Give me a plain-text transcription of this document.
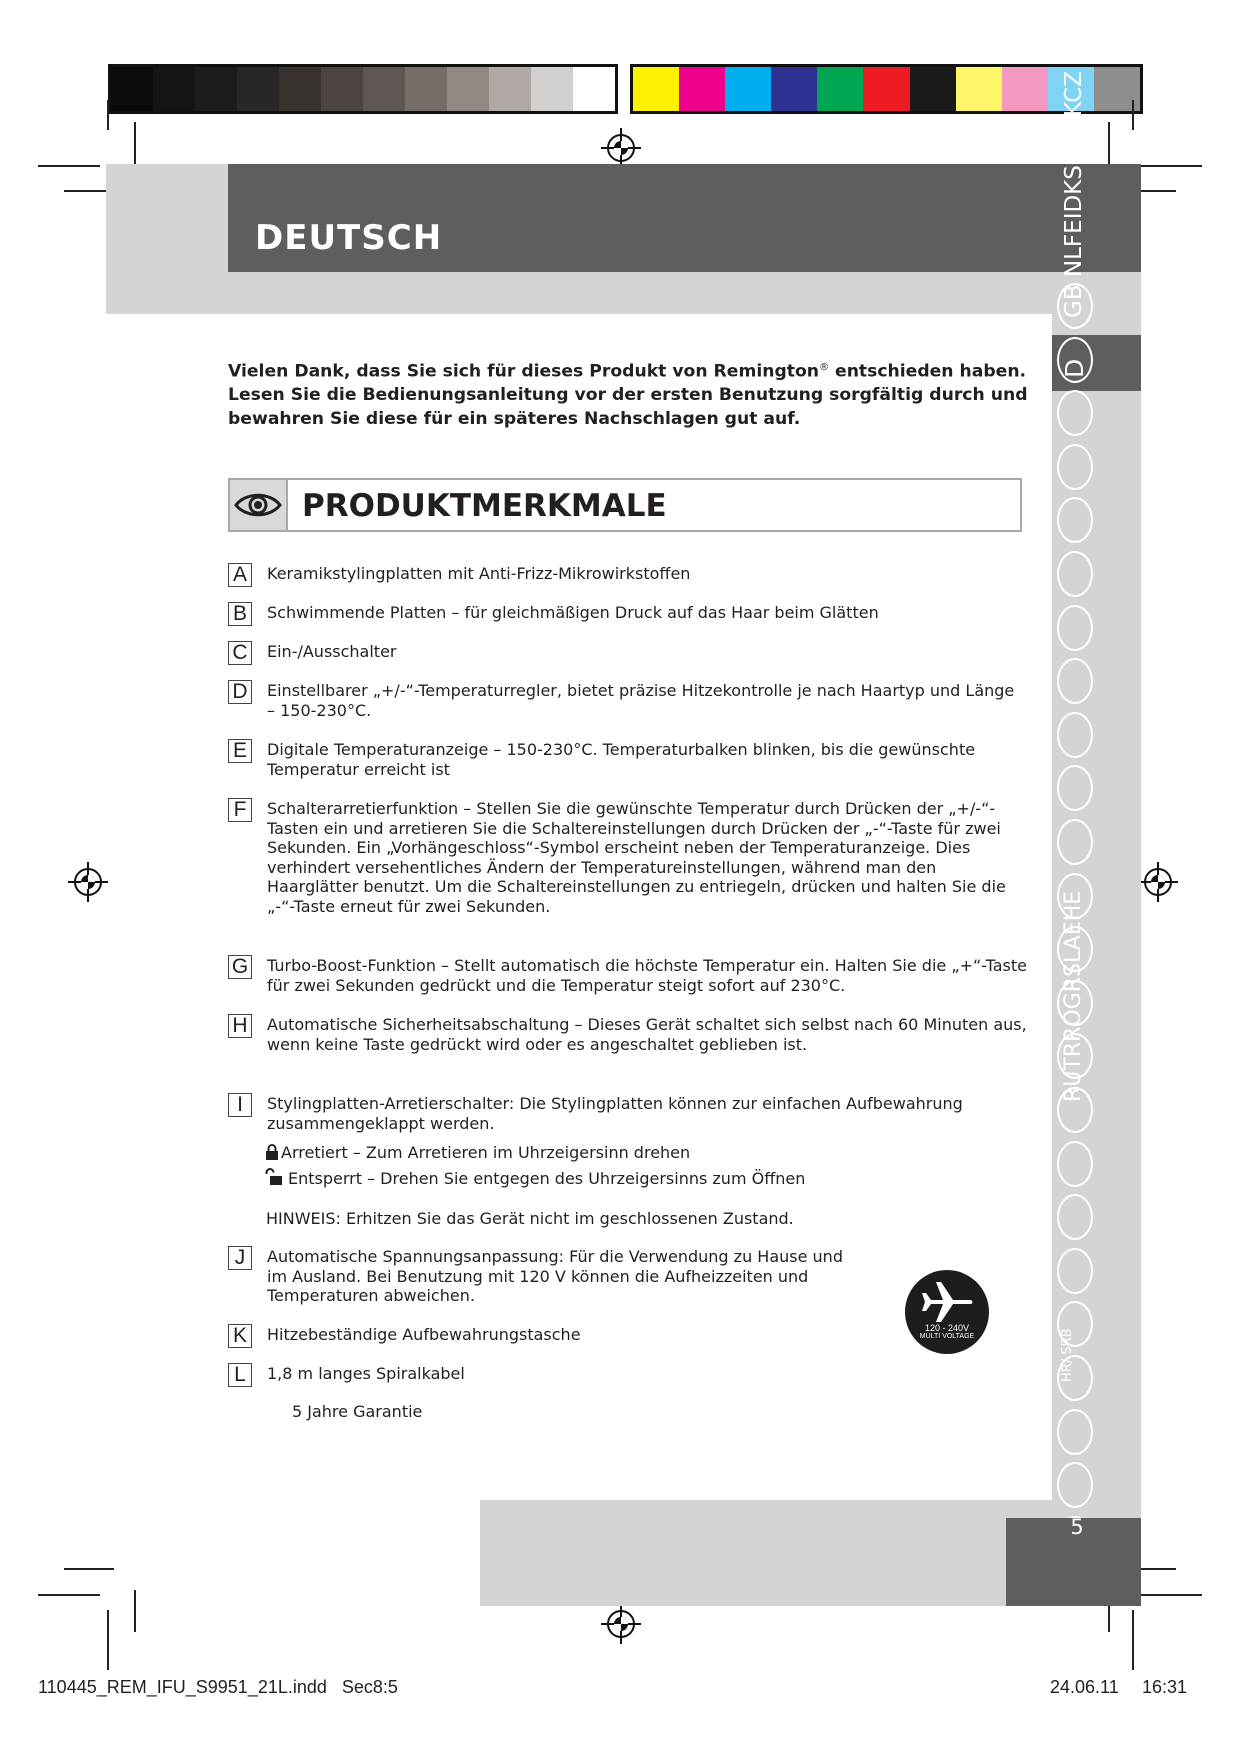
DEUTSCH
D
GB NLFEIDKSFIPSKCZ
RUTRROGRSLAEHE
HR/ SRB
Vielen Dank, dass Sie sich für dieses Produkt von Remington® entschieden haben. Lesen Sie die Bedienungsanleitung vor der ersten Benutzung sorgfältig durch und bewahren Sie diese für ein späteres Nachschlagen gut auf.
PRODUKTMERKMALE
A	Keramikstylingplatten mit Anti-Frizz-Mikrowirkstoffen
B	Schwimmende Platten – für gleichmäßigen Druck auf das Haar beim Glätten
C Ein-/Ausschalter
D Einstellbarer „+/-“-Temperaturregler, bietet präzise Hitzekontrolle je nach Haartyp und Länge – 150-230°C.
E	Digitale Temperaturanzeige – 150-230°C. Temperaturbalken blinken, bis die gewünschte Temperatur erreicht ist
F	Schalterarretierfunktion – Stellen Sie die gewünschte Temperatur durch Drücken der „+/-“-Tasten ein und arretieren Sie die Schaltereinstellungen durch Drücken der „-“-Taste für zwei Sekunden. Ein „Vorhängeschloss“-Symbol erscheint neben der Temperaturanzeige. Dies verhindert versehentliches Ändern der Temperatureinstellungen, während man den Haarglätter benutzt. Um die Schaltereinstellungen zu entriegeln, drücken und halten Sie die „-“-Taste erneut für zwei Sekunden.
G Turbo-Boost-Funktion – Stellt automatisch die höchste Temperatur ein. Halten Sie die „+“-Taste für zwei Sekunden gedrückt und die Temperatur steigt sofort auf 230°C.
H Automatische Sicherheitsabschaltung – Dieses Gerät schaltet sich selbst nach 60 Minuten aus, wenn keine Taste gedrückt wird oder es angeschaltet geblieben ist.
I	Stylingplatten-Arretierschalter: Die Stylingplatten können zur einfachen Aufbewahrung zusammengeklappt werden.
Arretiert – Zum Arretieren im Uhrzeigersinn drehen
Entsperrt – Drehen Sie entgegen des Uhrzeigersinns zum Öffnen
HINWEIS: Erhitzen Sie das Gerät nicht im geschlossenen Zustand.
J	Automatische Spannungsanpassung: Für die Verwendung zu Hause und im Ausland. Bei Benutzung mit 120 V können die Aufheizzeiten und Temperaturen abweichen.
K	Hitzebeständige Aufbewahrungstasche
L	1,8 m langes Spiralkabel
5 Jahre Garantie
120 - 240V
MULTI VOLTAGE
5
110445_REM_IFU_S9951_21L.indd   Sec8:5	24.06.11 16:31
